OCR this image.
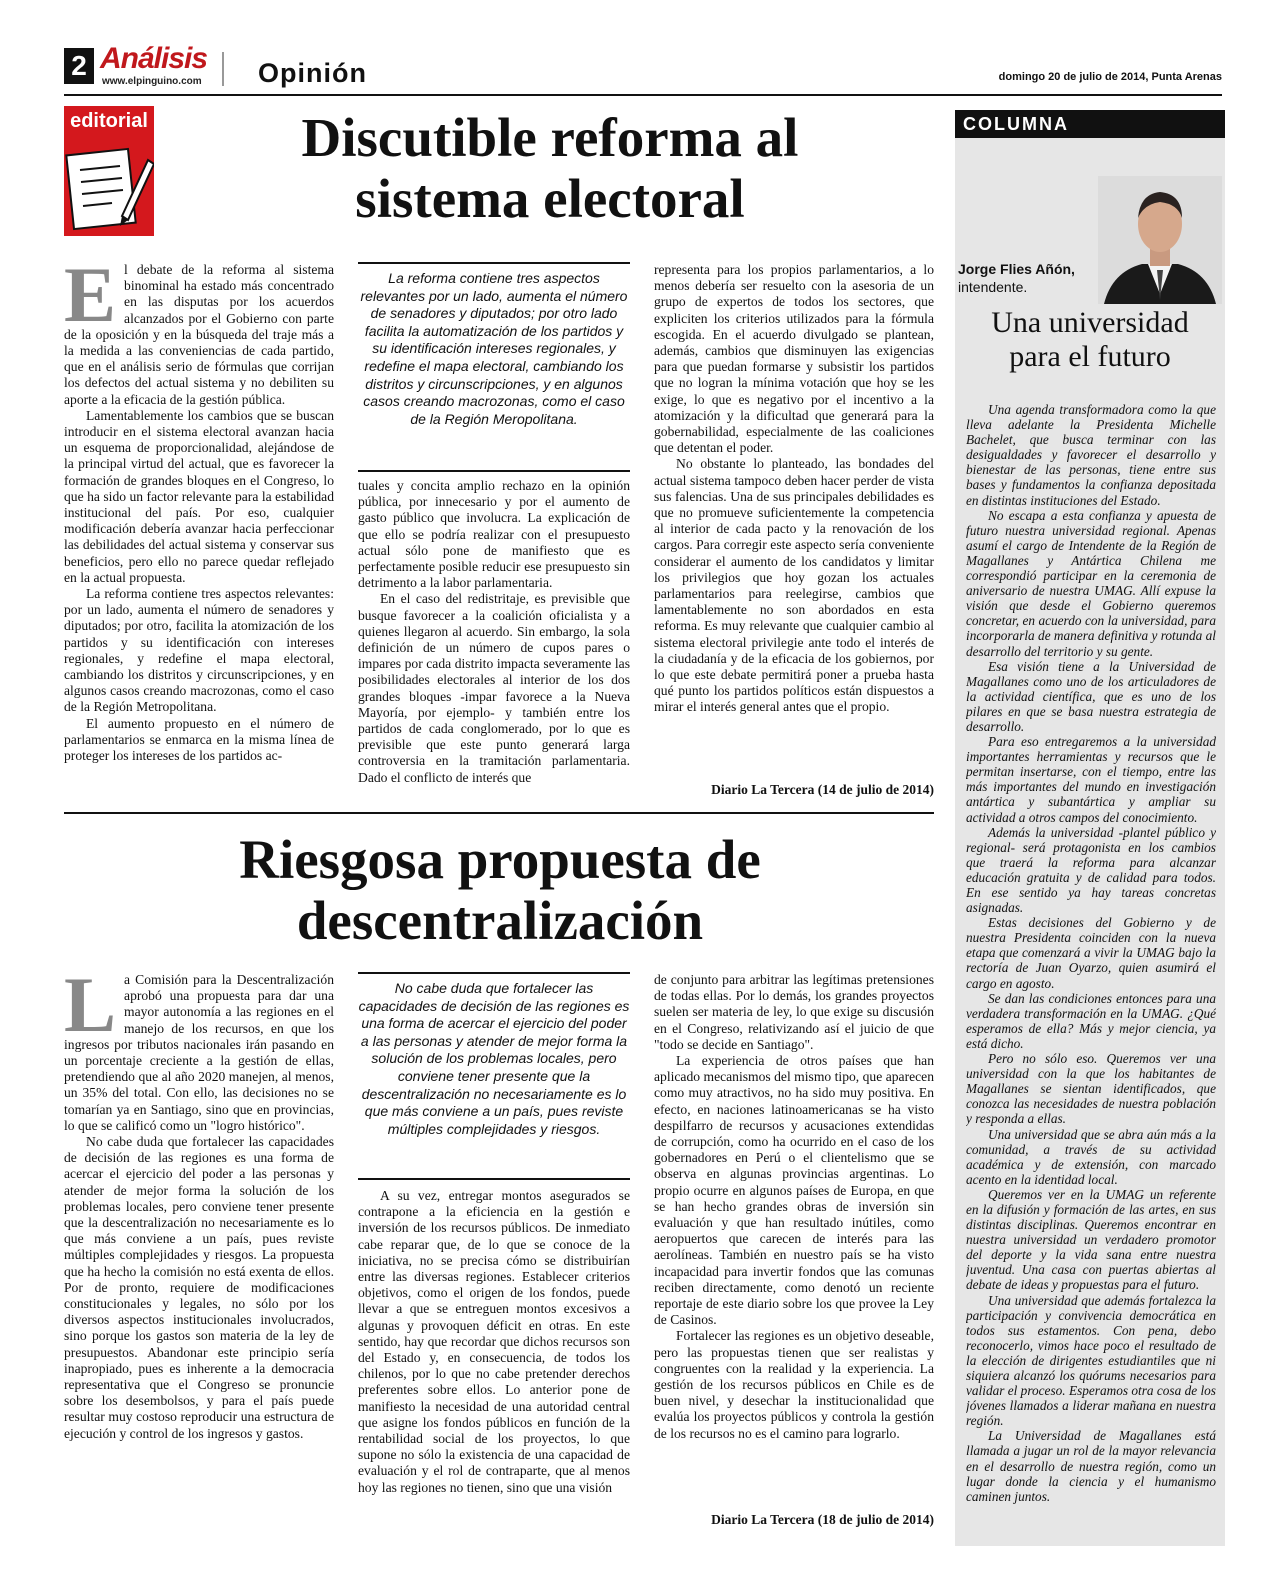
2 Análisis
www.elpinguino.com Opinión	domingo 20 de julio de 2014, Punta Arenas
editorial	Discutible reforma al
sistema electoral
E l debate de la reforma al sistema binominal ha estado más concentrado en las disputas por los acuerdos alcanzados por el Gobierno con parte de la oposición y en la búsqueda del traje más a la medida a las conveniencias de cada partido, que en el análisis serio de fórmulas que corrijan los defectos del actual sistema y no debiliten su aporte a la eficacia de la gestión pública.

Lamentablemente los cambios que se buscan introducir en el sistema electoral avanzan hacia un esquema de proporcionalidad, alejándose de la principal virtud del actual, que es favorecer la formación de grandes bloques en el Congreso, lo que ha sido un factor relevante para la estabilidad institucional del país. Por eso, cualquier modificación debería avanzar hacia perfeccionar las debilidades del actual sistema y conservar sus beneficios, pero ello no parece quedar reflejado en la actual propuesta.

La reforma contiene tres aspectos relevantes: por un lado, aumenta el número de senadores y diputados; por otro, facilita la atomización de los partidos y su identificación con intereses regionales, y redefine el mapa electoral, cambiando los distritos y circunscripciones, y en algunos casos creando macrozonas, como el caso de la Región Metropolitana.

El aumento propuesto en el número de parlamentarios se enmarca en la misma línea de proteger los intereses de los partidos ac-

La reforma contiene tres aspectos relevantes por un lado, aumenta el número de senadores y diputados; por otro lado facilita la automatización de los partidos y su identificación intereses regionales, y redefine el mapa electoral, cambiando los distritos y circunscripciones, y en algunos casos creando macrozonas, como el caso de la Región Meropolitana.

tuales y concita amplio rechazo en la opinión pública, por innecesario y por el aumento de gasto público que involucra. La explicación de que ello se podría realizar con el presupuesto actual sólo pone de manifiesto que es perfectamente posible reducir ese presupuesto sin detrimento a la labor parlamentaria.

En el caso del redistritaje, es previsible que busque favorecer a la coalición oficialista y a quienes llegaron al acuerdo. Sin embargo, la sola definición de un número de cupos pares o impares por cada distrito impacta severamente las posibilidades electorales al interior de los dos grandes bloques -impar favorece a la Nueva Mayoría, por ejemplo- y también entre los partidos de cada conglomerado, por lo que es previsible que este punto generará larga controversia en la tramitación parlamentaria. Dado el conflicto de interés que

representa para los propios parlamentarios, a lo menos debería ser resuelto con la asesoria de un grupo de expertos de todos los sectores, que expliciten los criterios utilizados para la fórmula escogida. En el acuerdo divulgado se plantean, además, cambios que disminuyen las exigencias para que puedan formarse y subsistir los partidos que no logran la mínima votación que hoy se les exige, lo que es negativo por el incentivo a la atomización y la dificultad que generará para la gobernabilidad, especialmente de las coaliciones que detentan el poder.

No obstante lo planteado, las bondades del actual sistema tampoco deben hacer perder de vista sus falencias. Una de sus principales debilidades es que no promueve suficientemente la competencia al interior de cada pacto y la renovación de los cargos. Para corregir este aspecto sería conveniente considerar el aumento de los candidatos y limitar los privilegios que hoy gozan los actuales parlamentarios para reelegirse, cambios que lamentablemente no son abordados en esta reforma. Es muy relevante que cualquier cambio al sistema electoral privilegie ante todo el interés de la ciudadanía y de la eficacia de los gobiernos, por lo que este debate permitirá poner a prueba hasta qué punto los partidos políticos están dispuestos a mirar el interés general antes que el propio.

Diario La Tercera (14 de julio de 2014)
Riesgosa propuesta de
descentralización
L a Comisión para la Descentralización aprobó una propuesta para dar una mayor autonomía a las regiones en el manejo de los recursos, en que los ingresos por tributos nacionales irán pasando en un porcentaje creciente a la gestión de ellas, pretendiendo que al año 2020 manejen, al menos, un 35% del total. Con ello, las decisiones no se tomarían ya en Santiago, sino que en provincias, lo que se calificó como un "logro histórico".

No cabe duda que fortalecer las capacidades de decisión de las regiones es una forma de acercar el ejercicio del poder a las personas y atender de mejor forma la solución de los problemas locales, pero conviene tener presente que la descentralización no necesariamente es lo que más conviene a un país, pues reviste múltiples complejidades y riesgos. La propuesta que ha hecho la comisión no está exenta de ellos. Por de pronto, requiere de modificaciones constitucionales y legales, no sólo por los diversos aspectos institucionales involucrados, sino porque los gastos son materia de la ley de presupuestos. Abandonar este principio sería inapropiado, pues es inherente a la democracia representativa que el Congreso se pronuncie sobre los desembolsos, y para el país puede resultar muy costoso reproducir una estructura de ejecución y control de los ingresos y gastos.

No cabe duda que fortalecer las capacidades de decisión de las regiones es una forma de acercar el ejercicio del poder a las personas y atender de mejor forma la solución de los problemas locales, pero conviene tener presente que la descentralización no necesariamente es lo que más conviene a un país, pues reviste múltiples complejidades y riesgos.

A su vez, entregar montos asegurados se contrapone a la eficiencia en la gestión e inversión de los recursos públicos. De inmediato cabe reparar que, de lo que se conoce de la iniciativa, no se precisa cómo se distribuirían entre las diversas regiones. Establecer criterios objetivos, como el origen de los fondos, puede llevar a que se entreguen montos excesivos a algunas y provoquen déficit en otras. En este sentido, hay que recordar que dichos recursos son del Estado y, en consecuencia, de todos los chilenos, por lo que no cabe pretender derechos preferentes sobre ellos. Lo anterior pone de manifiesto la necesidad de una autoridad central que asigne los fondos públicos en función de la rentabilidad social de los proyectos, lo que supone no sólo la existencia de una capacidad de evaluación y el rol de contraparte, que al menos hoy las regiones no tienen, sino que una visión

de conjunto para arbitrar las legítimas pretensiones de todas ellas. Por lo demás, los grandes proyectos suelen ser materia de ley, lo que exige su discusión en el Congreso, relativizando así el juicio de que "todo se decide en Santiago".

La experiencia de otros países que han aplicado mecanismos del mismo tipo, que aparecen como muy atractivos, no ha sido muy positiva. En efecto, en naciones latinoamericanas se ha visto despilfarro de recursos y acusaciones extendidas de corrupción, como ha ocurrido en el caso de los gobernadores en Perú o el clientelismo que se observa en algunas provincias argentinas. Lo propio ocurre en algunos países de Europa, en que se han hecho grandes obras de inversión sin evaluación y que han resultado inútiles, como aeropuertos que carecen de interés para las aerolíneas. También en nuestro país se ha visto incapacidad para invertir fondos que las comunas reciben directamente, como denotó un reciente reportaje de este diario sobre los que provee la Ley de Casinos.

Fortalecer las regiones es un objetivo deseable, pero las propuestas tienen que ser realistas y congruentes con la realidad y la experiencia. La gestión de los recursos públicos en Chile es de buen nivel, y desechar la institucionalidad que evalúa los proyectos públicos y controla la gestión de los recursos no es el camino para lograrlo.

Diario La Tercera (18 de julio de 2014)
COLUMNA
Jorge Flies Añón,
intendente.
Una universidad
para el futuro

Una agenda transformadora como la que lleva adelante la Presidenta Michelle Bachelet, que busca terminar con las desigualdades y favorecer el desarrollo y bienestar de las personas, tiene entre sus bases y fundamentos la confianza depositada en distintas instituciones del Estado.

No escapa a esta confianza y apuesta de futuro nuestra universidad regional. Apenas asumí el cargo de Intendente de la Región de Magallanes y Antártica Chilena me correspondió participar en la ceremonia de aniversario de nuestra UMAG. Allí expuse la visión que desde el Gobierno queremos concretar, en acuerdo con la universidad, para incorporarla de manera definitiva y rotunda al desarrollo del territorio y su gente.

Esa visión tiene a la Universidad de Magallanes como uno de los articuladores de la actividad científica, que es uno de los pilares en que se basa nuestra estrategia de desarrollo.

Para eso entregaremos a la universidad importantes herramientas y recursos que le permitan insertarse, con el tiempo, entre las más importantes del mundo en investigación antártica y subantártica y ampliar su actividad a otros campos del conocimiento.

Además la universidad -plantel público y regional- será protagonista en los cambios que traerá la reforma para alcanzar educación gratuita y de calidad para todos. En ese sentido ya hay tareas concretas asignadas.

Estas decisiones del Gobierno y de nuestra Presidenta coinciden con la nueva etapa que comenzará a vivir la UMAG bajo la rectoría de Juan Oyarzo, quien asumirá el cargo en agosto.

Se dan las condiciones entonces para una verdadera transformación en la UMAG. ¿Qué esperamos de ella? Más y mejor ciencia, ya está dicho.

Pero no sólo eso. Queremos ver una universidad con la que los habitantes de Magallanes se sientan identificados, que conozca las necesidades de nuestra población y responda a ellas.

Una universidad que se abra aún más a la comunidad, a través de su actividad académica y de extensión, con marcado acento en la identidad local.

Queremos ver en la UMAG un referente en la difusión y formación de las artes, en sus distintas disciplinas. Queremos encontrar en nuestra universidad un verdadero promotor del deporte y la vida sana entre nuestra juventud. Una casa con puertas abiertas al debate de ideas y propuestas para el futuro.

Una universidad que además fortalezca la participación y convivencia democrática en todos sus estamentos. Con pena, debo reconocerlo, vimos hace poco el resultado de la elección de dirigentes estudiantiles que ni siquiera alcanzó los quórums necesarios para validar el proceso. Esperamos otra cosa de los jóvenes llamados a liderar mañana en nuestra región.

La Universidad de Magallanes está llamada a jugar un rol de la mayor relevancia en el desarrollo de nuestra región, como un lugar donde la ciencia y el humanismo caminen juntos.
